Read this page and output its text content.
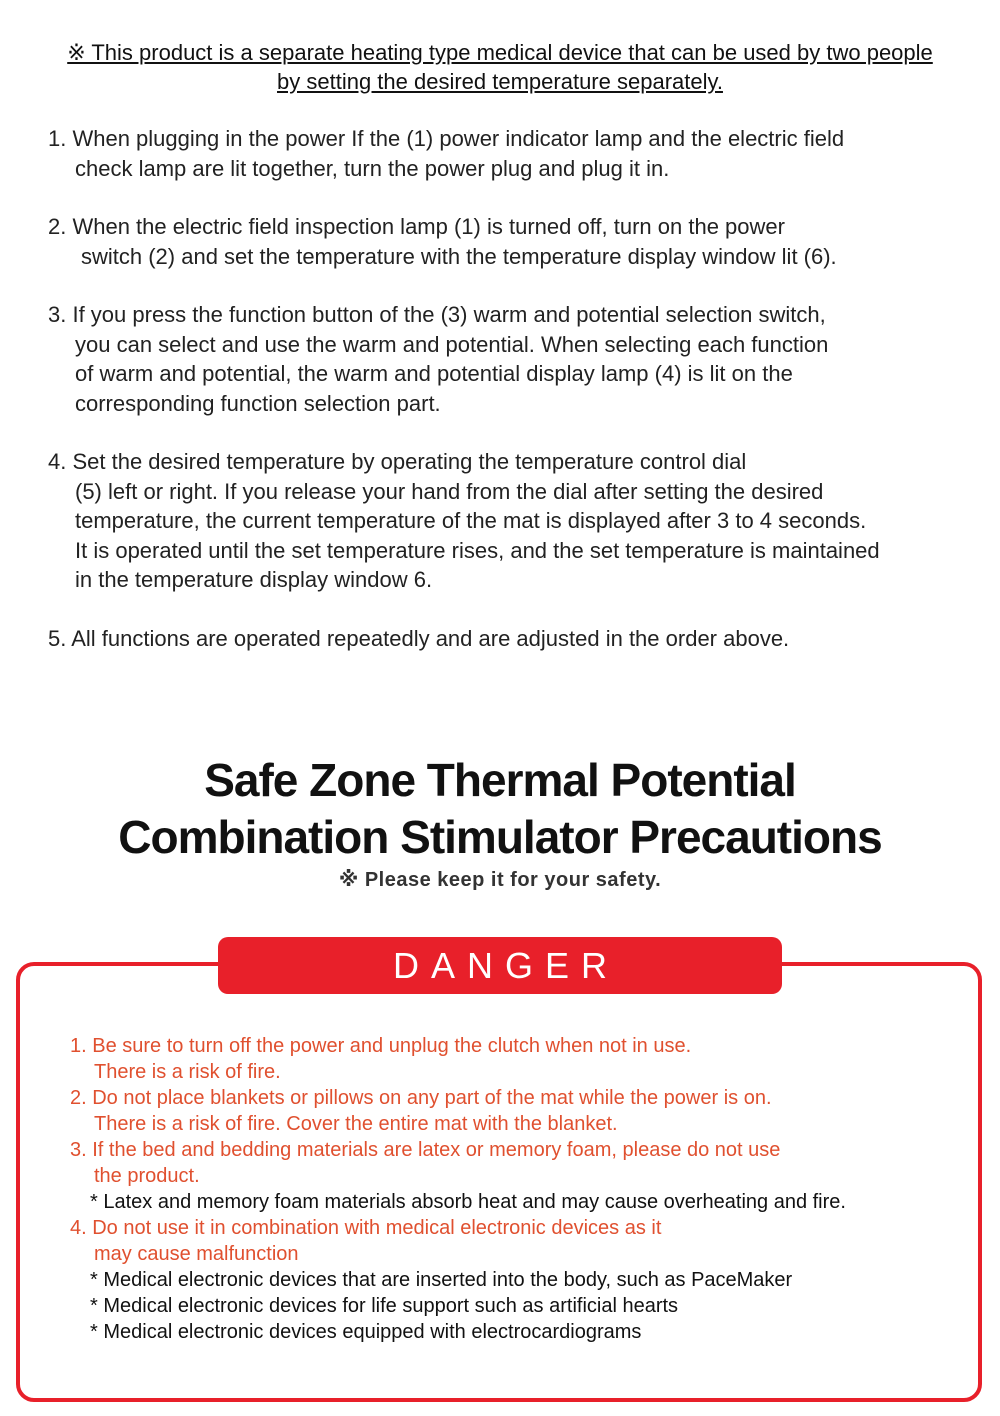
※ This product is a separate heating type medical device that can be used by two people
by setting the desired temperature separately.
1. When plugging in the power If the (1) power indicator lamp and the electric field
check lamp are lit together, turn the power plug and plug it in.
2. When the electric field inspection lamp (1) is turned off, turn on the power
switch (2) and set the temperature with the temperature display window lit (6).
3. If you press the function button of the (3) warm and potential selection switch,
you can select and use the warm and potential. When selecting each function
of warm and potential, the warm and potential display lamp (4) is lit on the
corresponding function selection part.
4. Set the desired temperature by operating the temperature control dial
(5) left or right. If you release your hand from the dial after setting the desired
temperature, the current temperature of the mat is displayed after 3 to 4 seconds.
It is operated until the set temperature rises, and the set temperature is maintained
in the temperature display window 6.
5. All functions are operated repeatedly and are adjusted in the order above.
Safe Zone Thermal Potential
Combination Stimulator Precautions
※ Please keep it for your safety.
DANGER
1. Be sure to turn off the power and unplug the clutch when not in use.
There is a risk of fire.
2. Do not place blankets or pillows on any part of the mat while the power is on.
There is a risk of fire. Cover the entire mat with the blanket.
3. If the bed and bedding materials are latex or memory foam, please do not use
the product.
* Latex and memory foam materials absorb heat and may cause overheating and fire.
4. Do not use it in combination with medical electronic devices as it
may cause malfunction
* Medical electronic devices that are inserted into the body, such as PaceMaker
* Medical electronic devices for life support such as artificial hearts
* Medical electronic devices equipped with electrocardiograms
